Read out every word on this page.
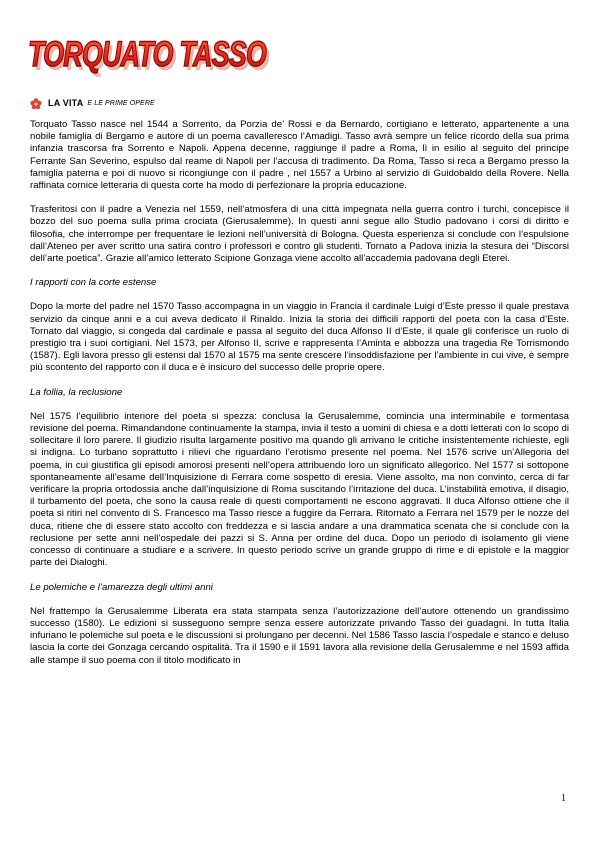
TORQUATO TASSO
TORQUATO TASSO
LA VITA E LE PRIME OPERE

Torquato Tasso nasce nel 1544 a Sorrento, da Porzia de’ Rossi e da Bernardo, cortigiano e letterato, appartenente a una nobile famiglia di Bergamo e autore di un poema cavalleresco l’Amadigi. Tasso avrà sempre un felice ricordo della sua prima infanzia trascorsa fra Sorrento e Napoli. Appena decenne, raggiunge il padre a Roma, lì in esilio al seguito del principe Ferrante San Severino, espulso dal reame di Napoli per l’accusa di tradimento. Da Roma, Tasso si reca a Bergamo presso la famiglia paterna e poi di nuovo si ricongiunge con il padre , nel 1557 a Urbino al servizio di Guidobaldo della Rovere. Nella raffinata cornice letteraria di questa corte ha modo di perfezionare la propria educazione.

Trasferitosi con il padre a Venezia nel 1559, nell’atmosfera di una città impegnata nella guerra contro i turchi, concepisce il bozzo del suo poema sulla prima crociata (Gierusalemme). In questi anni segue allo Studio padovano i corsi di diritto e filosofia, che interrompe per frequentare le lezioni nell’università di Bologna. Questa esperienza si conclude con l’espulsione dall’Ateneo per aver scritto una satira contro i professori e contro gli studenti. Tornato a Padova inizia la stesura dei “Discorsi dell’arte poetica”. Grazie all’amico letterato Scipione Gonzaga viene accolto all’accademia padovana degli Eterei.

I rapporti con la corte estense

Dopo la morte del padre nel 1570 Tasso accompagna in un viaggio in Francia il cardinale Luigi d’Este presso il quale prestava servizio da cinque anni e a cui aveva dedicato il Rinaldo. Inizia la storia dei difficili rapporti del poeta con la casa d’Este. Tornato dal viaggio, si congeda dal cardinale e passa al seguito del duca Alfonso II d’Este, il quale gli conferisce un ruolo di prestigio tra i suoi cortigiani. Nel 1573, per Alfonso II, scrive e rappresenta l’Aminta e abbozza una tragedia Re Torrismondo (1587). Egli lavora presso gli estensi dal 1570 al 1575 ma sente crescere l’insoddisfazione per l’ambiente in cui vive, è sempre più scontento del rapporto con il duca e è insicuro del successo delle proprie opere.

La follia, la reclusione

Nel 1575 l’equilibrio interiore del poeta si spezza: conclusa la Gerusalemme, comincia una interminabile e tormentasa revisione del poema. Rimandandone continuamente la stampa, invia il testo a uomini di chiesa e a dotti letterati con lo scopo di sollecitare il loro parere. Il giudizio risulta largamente positivo ma quando gli arrivano le critiche insistentemente richieste, egli si indigna. Lo turbano soprattutto i rilievi che riguardano l’erotismo presente nel poema. Nel 1576 scrive un’Allegoria del poema, in cui giustifica gli episodi amorosi presenti nell’opera attribuendo loro un significato allegorico. Nel 1577 si sottopone spontaneamente all’esame dell’Inquisizione di Ferrara come sospetto di eresia. Viene assolto, ma non convinto, cerca di far verificare la propria ortodossia anche dall’inquisizione di Roma suscitando l’irritazione del duca. L’instabilità emotiva, il disagio, il turbamento del poeta, che sono la causa reale di questi comportamenti ne escono aggravati. Il duca Alfonso ottiene che il poeta si ritiri nel convento di S. Francesco ma Tasso riesce a fuggire da Ferrara. Ritornato a Ferrara nel 1579 per le nozze del duca, ritiene che di essere stato accolto con freddezza e si lascia andare a una drammatica scenata che si conclude con la reclusione per sette anni nell’ospedale dei pazzi si S. Anna per ordine del duca. Dopo un periodo di isolamento gli viene concesso di continuare a studiare e a scrivere. In questo periodo scrive un grande gruppo di rime e di epistole e la maggior parte dei Dialoghi.

Le polemiche e l’amarezza degli ultimi anni

Nel frattempo la Gerusalemme Liberata era stata stampata senza l’autorizzazione dell’autore ottenendo un grandissimo successo (1580). Le edizioni si susseguono sempre senza essere autorizzate privando Tasso dei guadagni. In tutta Italia infuriano le polemiche sul poeta e le discussioni si prolungano per decenni. Nel 1586 Tasso lascia l’ospedale e stanco e deluso lascia la corte dei Gonzaga cercando ospitalità. Tra il 1590 e il 1591 lavora alla revisione della Gerusalemme e nel 1593 affida alle stampe il suo poema con il titolo modificato in

1
